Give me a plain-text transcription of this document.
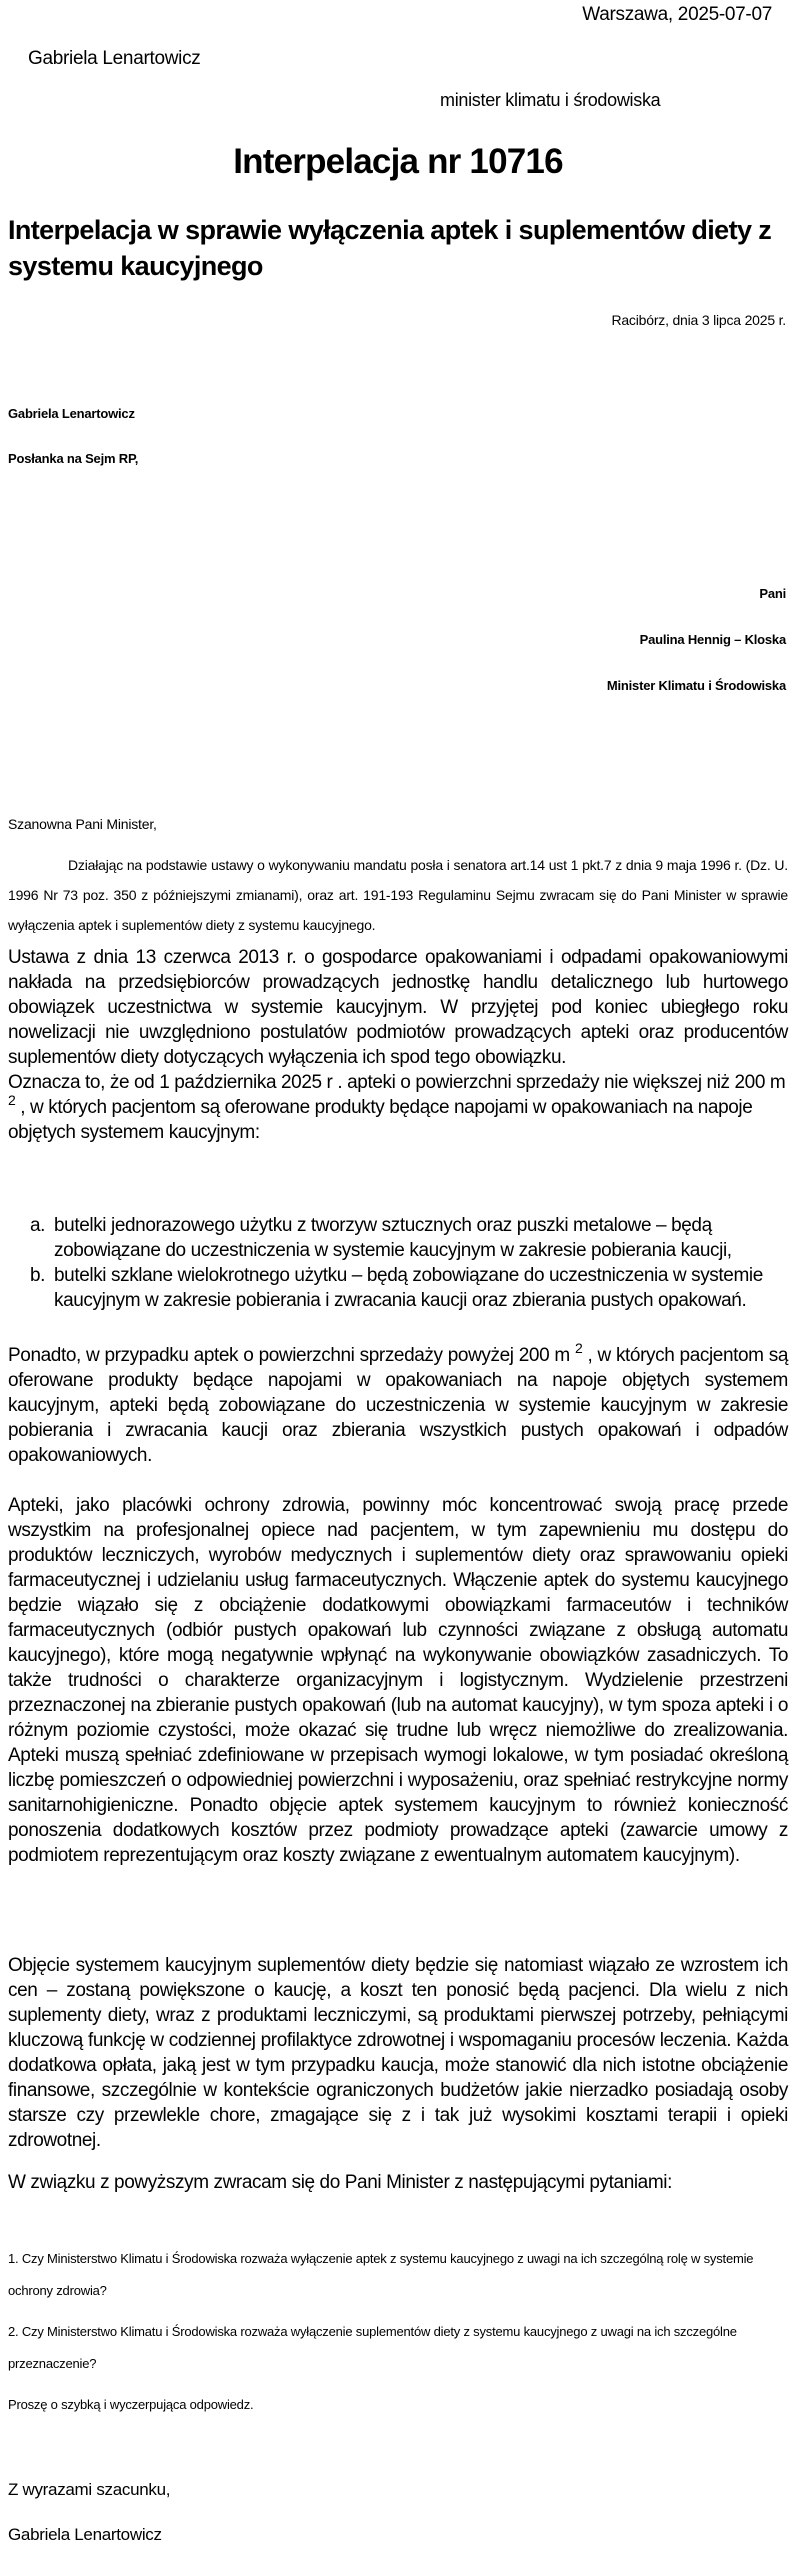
Warszawa, 2025-07-07
Gabriela Lenartowicz
minister klimatu i środowiska
Interpelacja nr 10716
Interpelacja w sprawie wyłączenia aptek i suplementów diety z systemu kaucyjnego
Racibórz, dnia 3 lipca 2025 r.
Gabriela Lenartowicz
Posłanka na Sejm RP,
Pani
Paulina Hennig – Kloska
Minister Klimatu i Środowiska
Szanowna Pani Minister,

Działając na podstawie ustawy o wykonywaniu mandatu posła i senatora art.14 ust 1 pkt.7 z dnia 9 maja 1996 r. (Dz. U. 1996 Nr 73 poz. 350 z późniejszymi zmianami), oraz art. 191-193 Regulaminu Sejmu zwracam się do Pani Minister w sprawie wyłączenia aptek i suplementów diety z systemu kaucyjnego.

Ustawa z dnia 13 czerwca 2013 r. o gospodarce opakowaniami i odpadami opakowaniowymi nakłada na przedsiębiorców prowadzących jednostkę handlu detalicznego lub hurtowego obowiązek uczestnictwa w systemie kaucyjnym. W przyjętej pod koniec ubiegłego roku nowelizacji nie uwzględniono postulatów podmiotów prowadzących apteki oraz producentów suplementów diety dotyczących wyłączenia ich spod tego obowiązku.

Oznacza to, że od 1 października 2025 r . apteki o powierzchni sprzedaży nie większej niż 200 m $^2$ , w których pacjentom są oferowane produkty będące napojami w opakowaniach na napoje objętych systemem kaucyjnym:

a. butelki jednorazowego użytku z tworzyw sztucznych oraz puszki metalowe – będą zobowiązane do uczestniczenia w systemie kaucyjnym w zakresie pobierania kaucji,
b. butelki szklane wielokrotnego użytku – będą zobowiązane do uczestniczenia w systemie kaucyjnym w zakresie pobierania i zwracania kaucji oraz zbierania pustych opakowań.

Ponadto, w przypadku aptek o powierzchni sprzedaży powyżej 200 m $^2$ , w których pacjentom są oferowane produkty będące napojami w opakowaniach na napoje objętych systemem kaucyjnym, apteki będą zobowiązane do uczestniczenia w systemie kaucyjnym w zakresie pobierania i zwracania kaucji oraz zbierania wszystkich pustych opakowań i odpadów opakowaniowych.

Apteki, jako placówki ochrony zdrowia, powinny móc koncentrować swoją pracę przede wszystkim na profesjonalnej opiece nad pacjentem, w tym zapewnieniu mu dostępu do produktów leczniczych, wyrobów medycznych i suplementów diety oraz sprawowaniu opieki farmaceutycznej i udzielaniu usług farmaceutycznych. Włączenie aptek do systemu kaucyjnego będzie wiązało się z obciążenie dodatkowymi obowiązkami farmaceutów i techników farmaceutycznych (odbiór pustych opakowań lub czynności związane z obsługą automatu kaucyjnego), które mogą negatywnie wpłynąć na wykonywanie obowiązków zasadniczych. To także trudności o charakterze organizacyjnym i logistycznym. Wydzielenie przestrzeni przeznaczonej na zbieranie pustych opakowań (lub na automat kaucyjny), w tym spoza apteki i o różnym poziomie czystości, może okazać się trudne lub wręcz niemożliwe do zrealizowania. Apteki muszą spełniać zdefiniowane w przepisach wymogi lokalowe, w tym posiadać określoną liczbę pomieszczeń o odpowiedniej powierzchni i wyposażeniu, oraz spełniać restrykcyjne normy sanitarnohigieniczne. Ponadto objęcie aptek systemem kaucyjnym to również konieczność ponoszenia dodatkowych kosztów przez podmioty prowadzące apteki (zawarcie umowy z podmiotem reprezentującym oraz koszty związane z ewentualnym automatem kaucyjnym).

Objęcie systemem kaucyjnym suplementów diety będzie się natomiast wiązało ze wzrostem ich cen – zostaną powiększone o kaucję, a koszt ten ponosić będą pacjenci. Dla wielu z nich suplementy diety, wraz z produktami leczniczymi, są produktami pierwszej potrzeby, pełniącymi kluczową funkcję w codziennej profilaktyce zdrowotnej i wspomaganiu procesów leczenia. Każda dodatkowa opłata, jaką jest w tym przypadku kaucja, może stanowić dla nich istotne obciążenie finansowe, szczególnie w kontekście ograniczonych budżetów jakie nierzadko posiadają osoby starsze czy przewlekle chore, zmagające się z i tak już wysokimi kosztami terapii i opieki zdrowotnej.

W związku z powyższym zwracam się do Pani Minister z następującymi pytaniami:

1. Czy Ministerstwo Klimatu i Środowiska rozważa wyłączenie aptek z systemu kaucyjnego z uwagi na ich szczególną rolę w systemie ochrony zdrowia?

2. Czy Ministerstwo Klimatu i Środowiska rozważa wyłączenie suplementów diety z systemu kaucyjnego z uwagi na ich szczególne przeznaczenie?

Proszę o szybką i wyczerpująca odpowiedz.

Z wyrazami szacunku,
Gabriela Lenartowicz
